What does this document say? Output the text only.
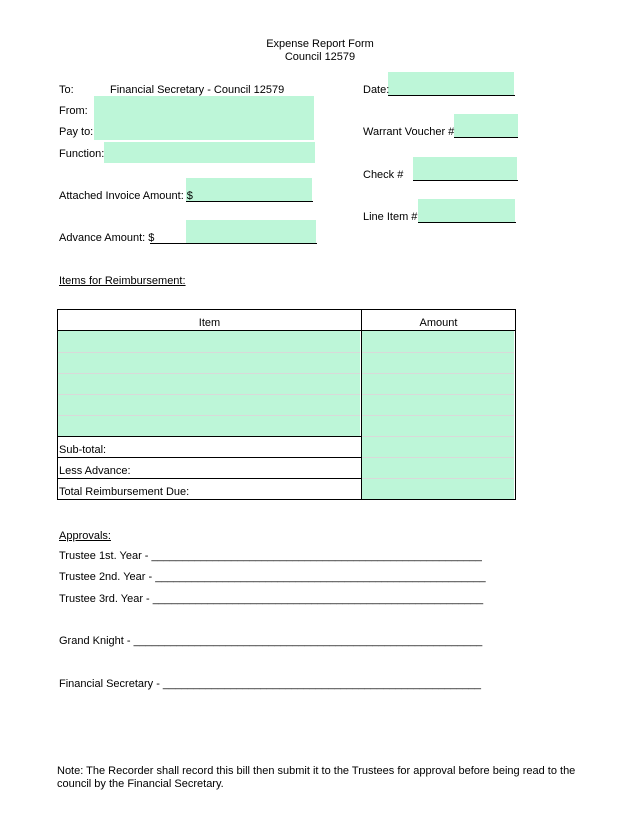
Expense Report Form
Council 12579
To:	Financial Secretary - Council 12579
From:
Pay to:
Function:
Attached Invoice Amount: $
Advance Amount: $
Date:
Warrant Voucher #
Check #
Line Item #
Items for Reimbursement:
Item	Amount
Sub-total:
Less Advance:
Total Reimbursement Due:
Approvals:
Trustee 1st. Year - ______________________________________________________
Trustee 2nd. Year - ______________________________________________________
Trustee 3rd. Year - ______________________________________________________
Grand Knight - _________________________________________________________
Financial Secretary - ____________________________________________________
Note: The Recorder shall record this bill then submit it to the Trustees for approval before being read to the
council by the Financial Secretary.
